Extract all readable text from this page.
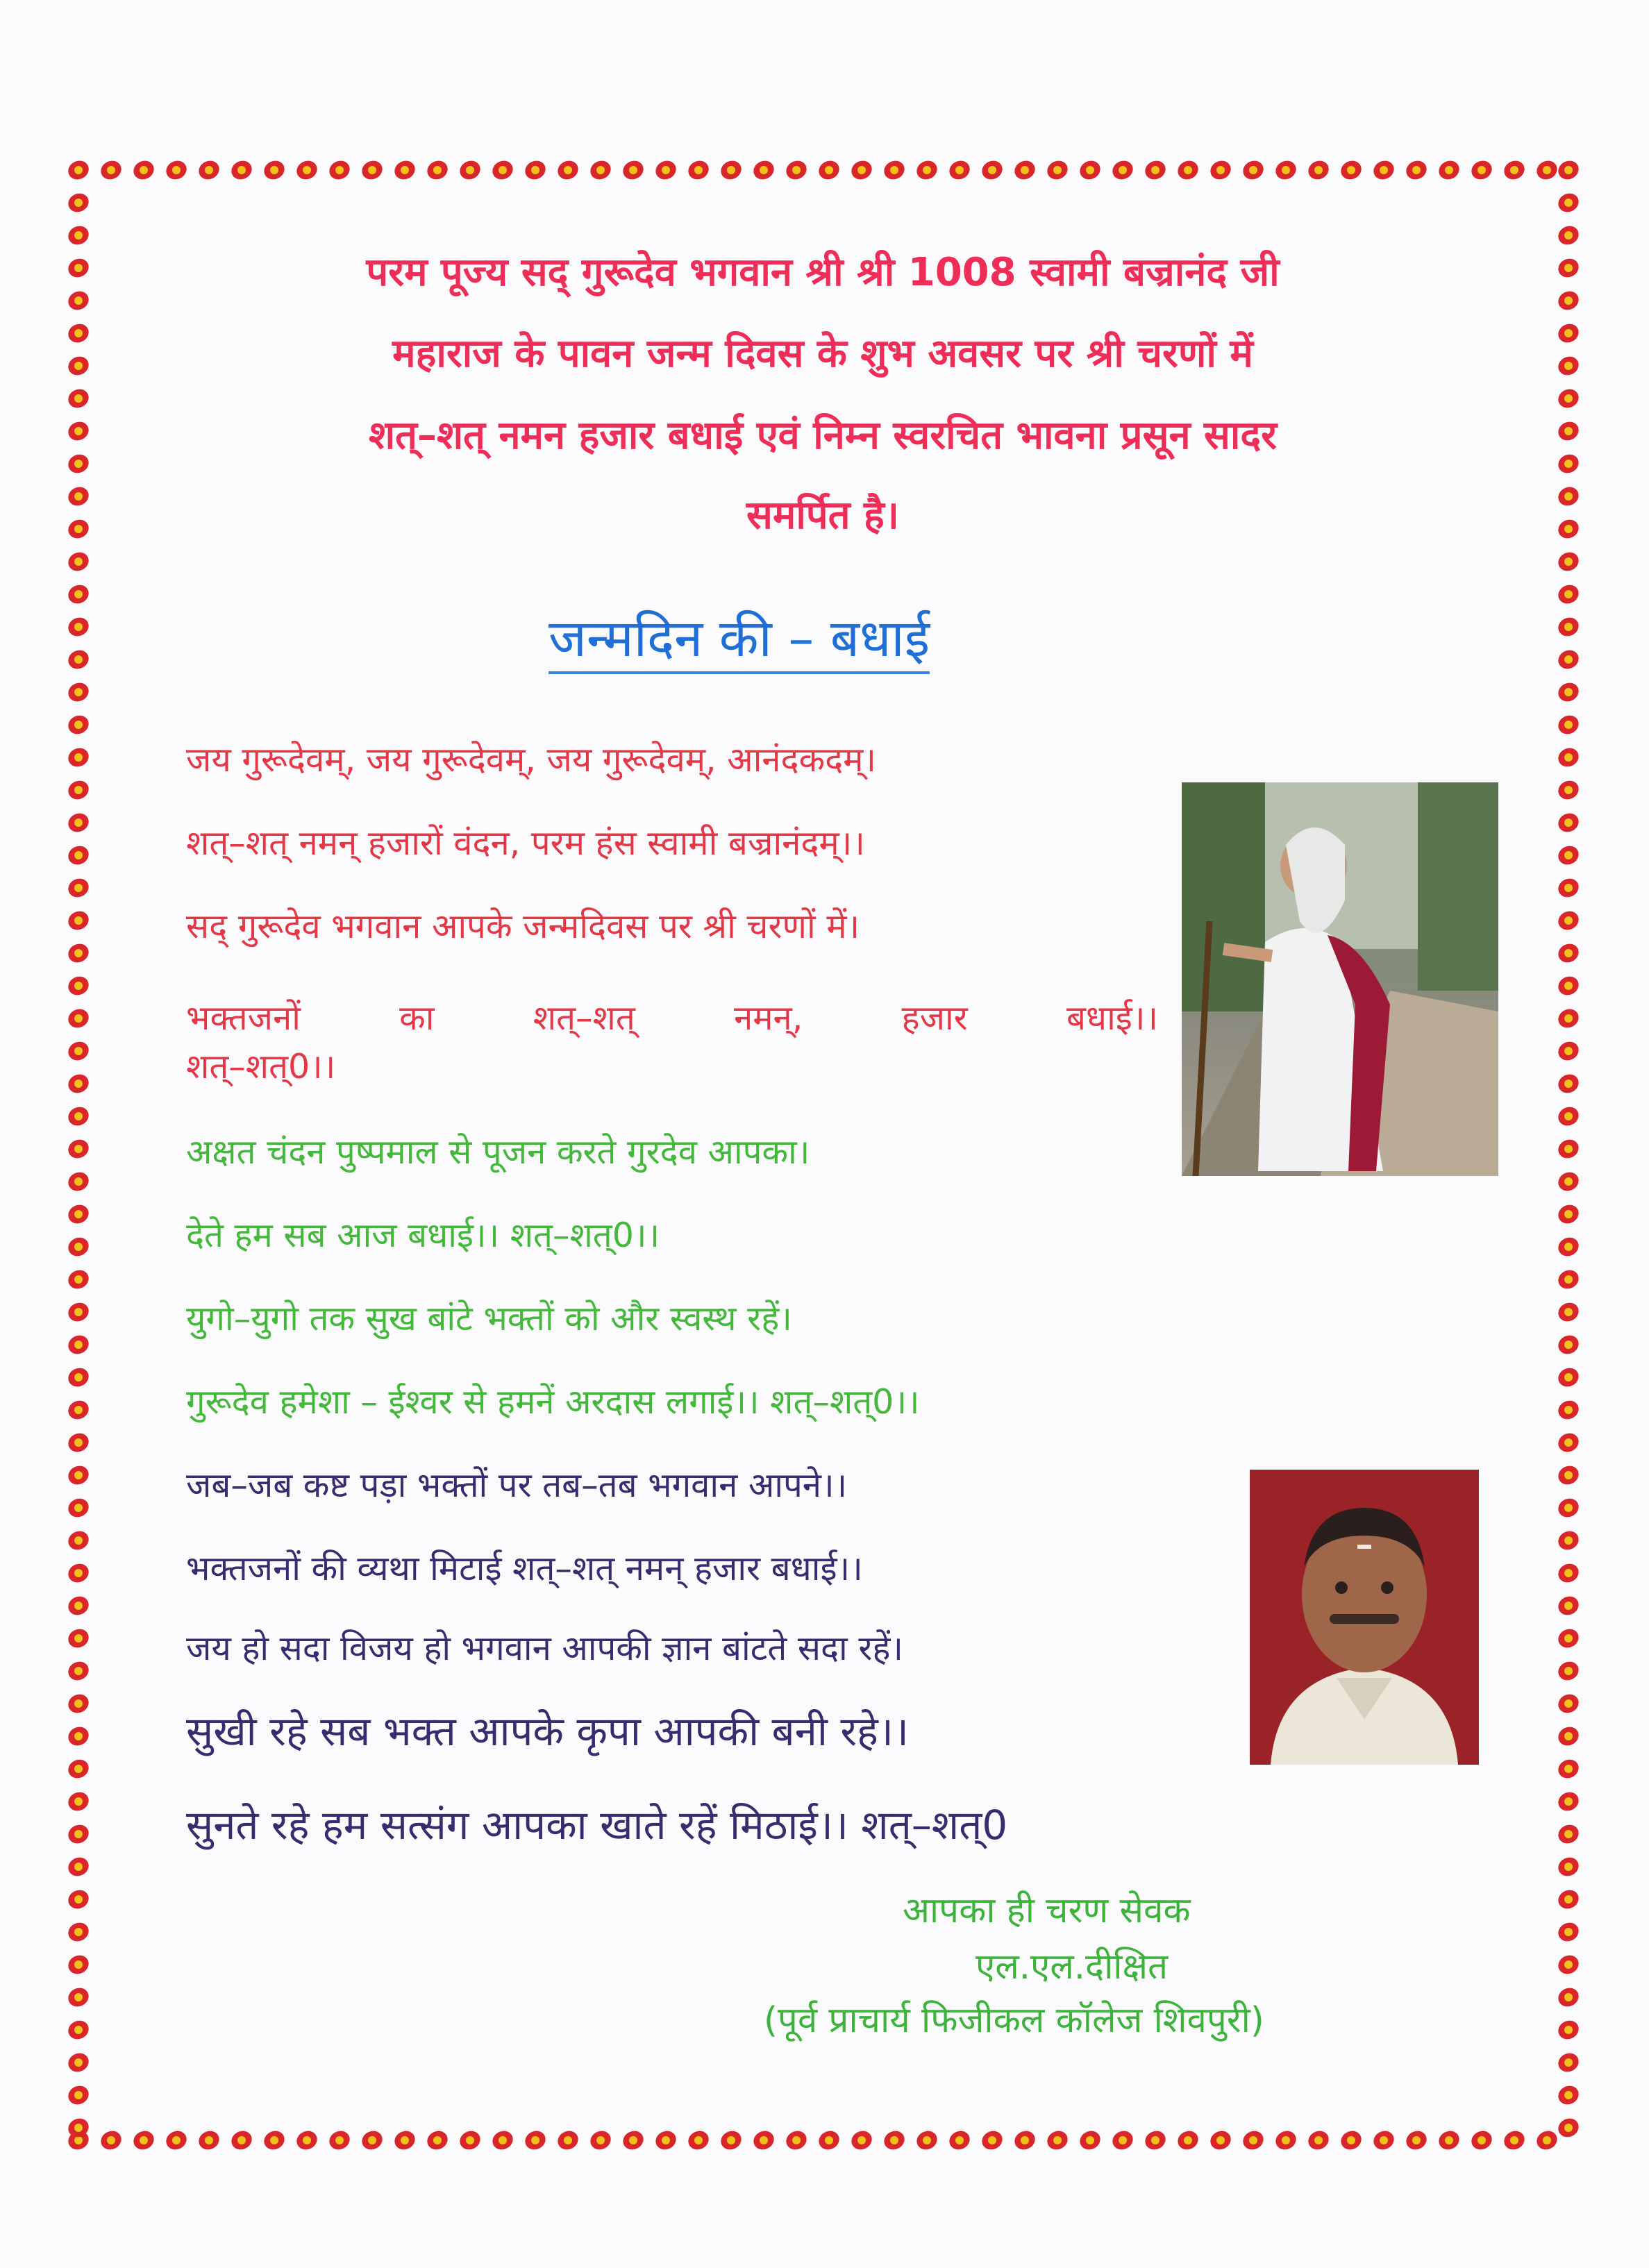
परम पूज्य सद् गुरूदेव भगवान श्री श्री 1008 स्वामी बज्रानंद जी
महाराज के पावन जन्म दिवस के शुभ अवसर पर श्री चरणों में
शत्–शत् नमन हजार बधाई एवं निम्न स्वरचित भावना प्रसून सादर
समर्पित है।
जन्मदिन की – बधाई
जय गुरूदेवम्, जय गुरूदेवम्, जय गुरूदेवम्, आनंदकदम्।
शत्–शत् नमन् हजारों वंदन, परम हंस स्वामी बज्रानंदम्।।
सद् गुरूदेव भगवान आपके जन्मदिवस पर श्री चरणों में।
भक्तजनों	का	शत्–शत्	नमन्,	हजार	बधाई।।
शत्–शत्0।।
अक्षत चंदन पुष्पमाल से पूजन करते गुरदेव आपका।
देते हम सब आज बधाई।। शत्–शत्0।।
युगो–युगो तक सुख बांटे भक्तों को और स्वस्थ रहें।
गुरूदेव हमेशा – ईश्वर से हमनें अरदास लगाई।। शत्–शत्0।।
जब–जब कष्ट पड़ा भक्तों पर तब–तब भगवान आपने।।
भक्तजनों की व्यथा मिटाई शत्–शत् नमन् हजार बधाई।।
जय हो सदा विजय हो भगवान आपकी ज्ञान बांटते सदा रहें।
सुखी रहे सब भक्त आपके कृपा आपकी बनी रहे।।
सुनते रहे हम सत्संग आपका खाते रहें मिठाई।। शत्–शत्0
आपका ही चरण सेवक
एल.एल.दीक्षित
(पूर्व प्राचार्य फिजीकल कॉलेज शिवपुरी)
